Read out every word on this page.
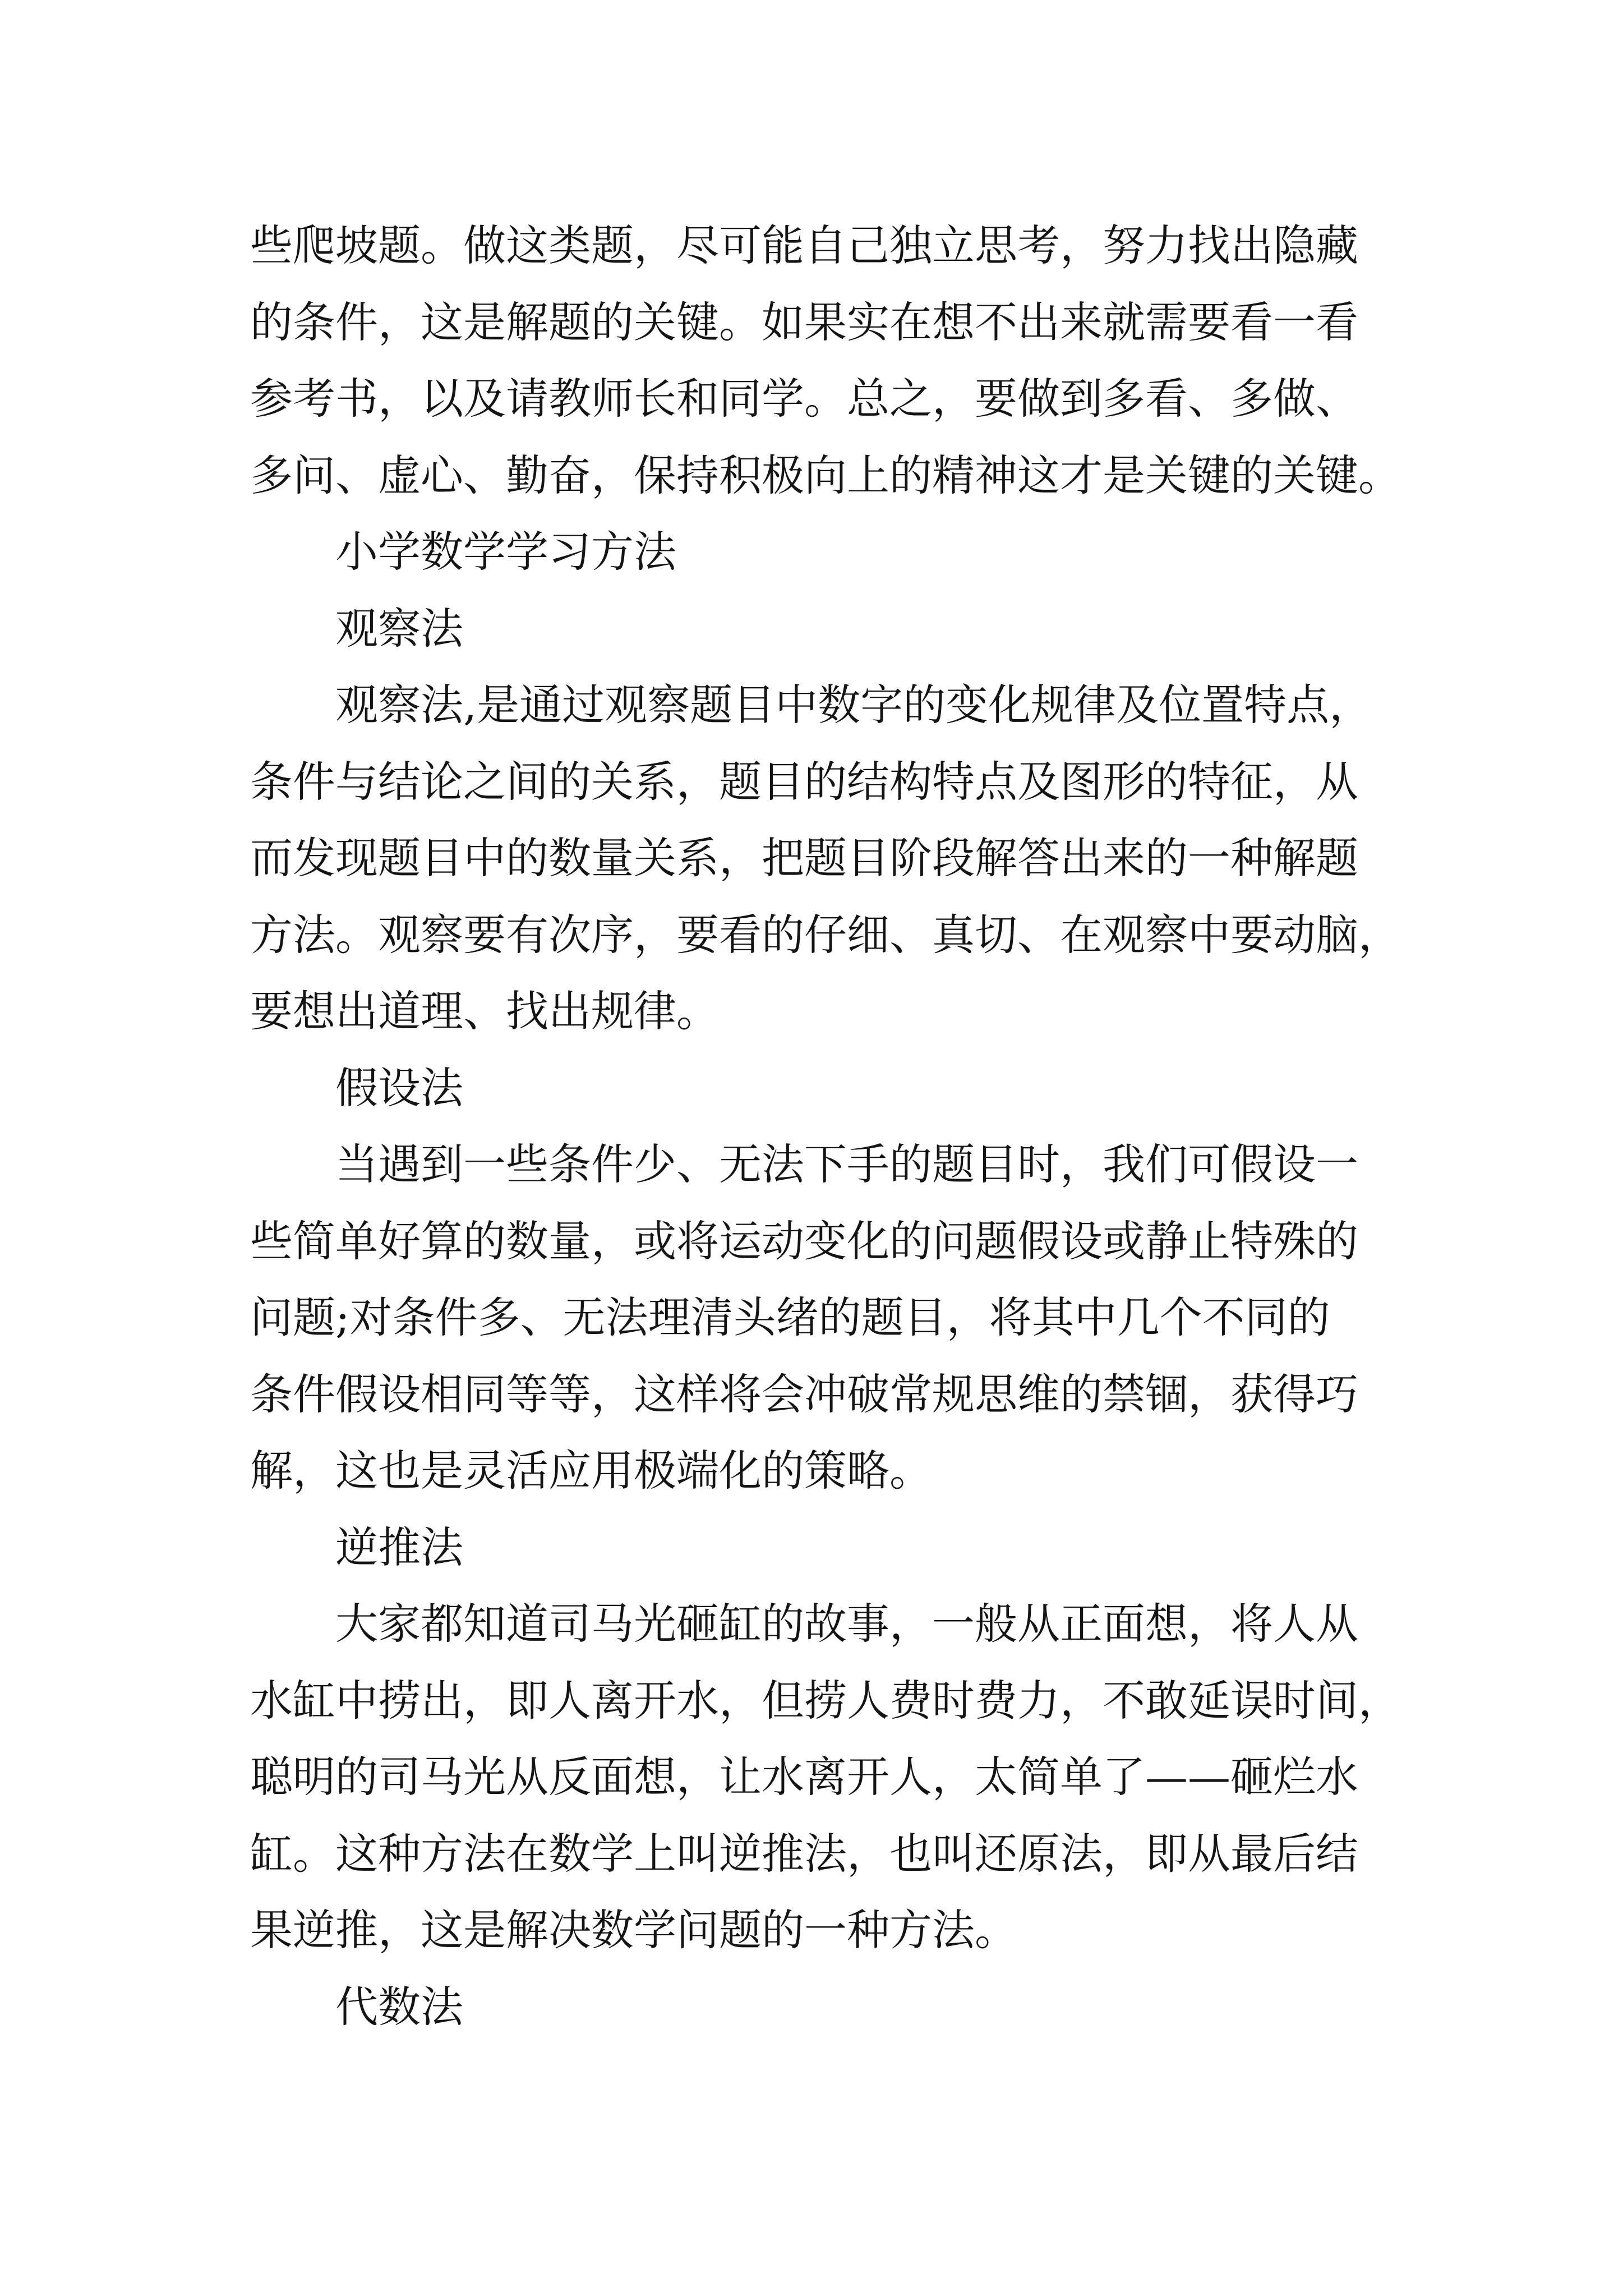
些爬坡题。做这类题，尽可能自己独立思考，努力找出隐藏
的条件，这是解题的关键。如果实在想不出来就需要看一看
参考书，以及请教师长和同学。总之，要做到多看、多做、
多问、虚心、勤奋，保持积极向上的精神这才是关键的关键。
小学数学学习方法
观察法
观察法,是通过观察题目中数字的变化规律及位置特点，
条件与结论之间的关系，题目的结构特点及图形的特征，从
而发现题目中的数量关系，把题目阶段解答出来的一种解题
方法。观察要有次序，要看的仔细、真切、在观察中要动脑，
要想出道理、找出规律。
假设法
当遇到一些条件少、无法下手的题目时，我们可假设一
些简单好算的数量，或将运动变化的问题假设或静止特殊的
问题;对条件多、无法理清头绪的题目，将其中几个不同的
条件假设相同等等，这样将会冲破常规思维的禁锢，获得巧
解，这也是灵活应用极端化的策略。
逆推法
大家都知道司马光砸缸的故事，一般从正面想，将人从
水缸中捞出，即人离开水，但捞人费时费力，不敢延误时间，
聪明的司马光从反面想，让水离开人，太简单了——砸烂水
缸。这种方法在数学上叫逆推法，也叫还原法，即从最后结
果逆推，这是解决数学问题的一种方法。
代数法
